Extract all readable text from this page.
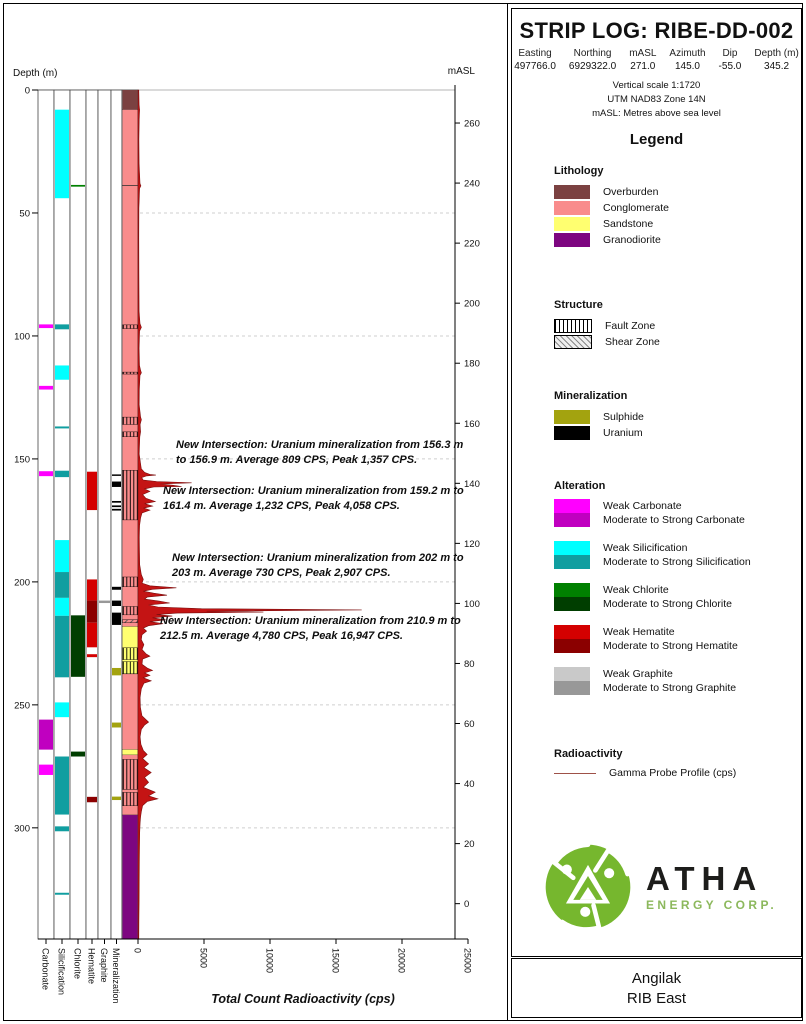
0
50
100
150
200
250
300
Depth (m)
260
240
220
200
180
160
140
120
100
80
60
40
20
0
mASL
Carbonate Silicification Chlorite Hematite Graphite Mineralization 0	5000	10000	15000	20000	25000
Total Count Radioactivity (cps)
New Intersection: Uranium mineralization from 156.3 m to 156.9 m. Average 809 CPS, Peak 1,357 CPS.
New Intersection: Uranium mineralization from 159.2 m to 161.4 m. Average 1,232 CPS, Peak 4,058 CPS.
New Intersection: Uranium mineralization from 202 m to 203 m. Average 730 CPS, Peak 2,907 CPS.
New Intersection: Uranium mineralization from 210.9 m to 212.5 m. Average 4,780 CPS, Peak 16,947 CPS.
STRIP LOG: RIBE-DD-002
Easting
497766.0
Northing
6929322.0
mASL
271.0
Azimuth
145.0
Dip
-55.0
Depth (m)
345.2
Vertical scale 1:1720
UTM NAD83 Zone 14N
mASL: Metres above sea level
Legend
Lithology
Overburden
Conglomerate
Sandstone
Granodiorite
Structure
Fault Zone
Shear Zone
Mineralization
Sulphide
Uranium
Alteration
Weak Carbonate
Moderate to Strong Carbonate
Weak Silicification
Moderate to Strong Silicification
Weak Chlorite
Moderate to Strong Chlorite
Weak Hematite
Moderate to Strong Hematite
Weak Graphite
Moderate to Strong Graphite
Radioactivity
Gamma Probe Profile (cps)
ATHA
ENERGY CORP.
Angilak
RIB East
